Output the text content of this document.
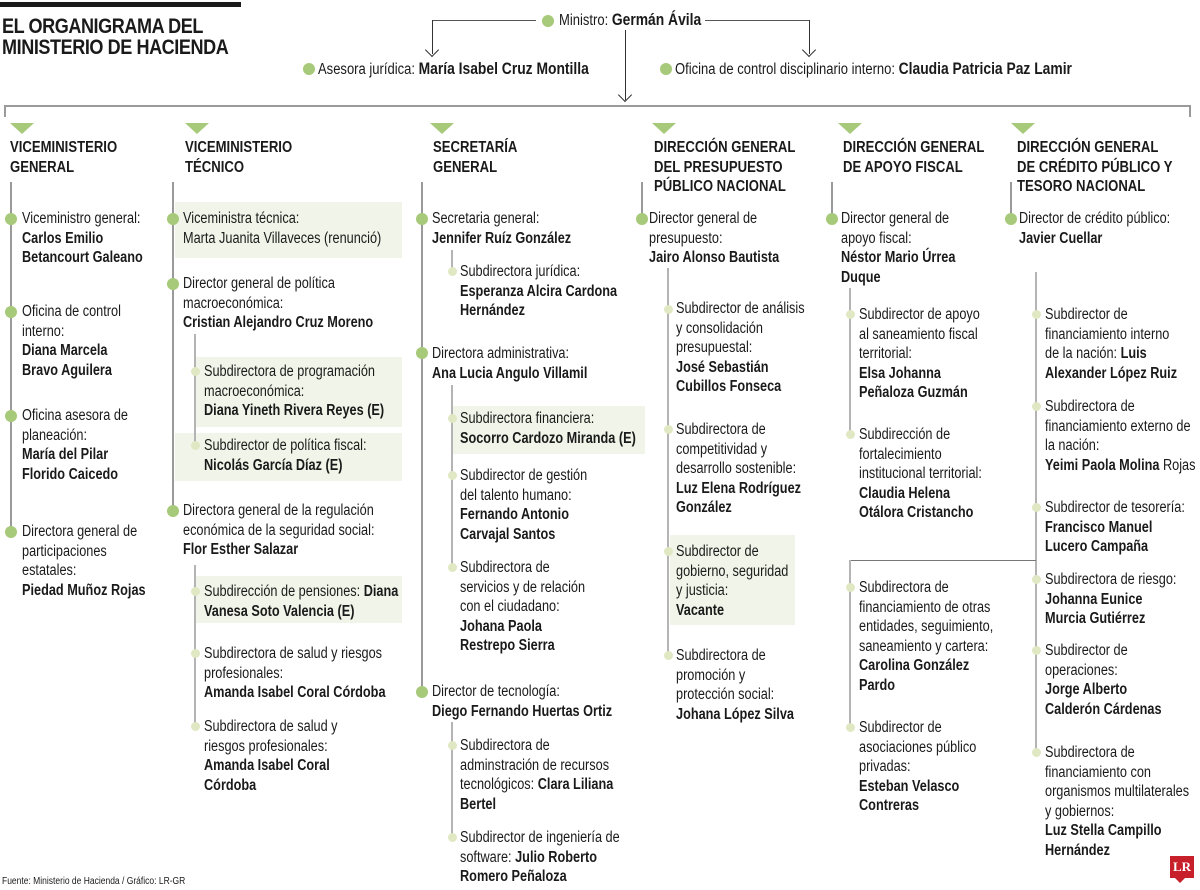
EL ORGANIGRAMA DEL
MINISTERIO DE HACIENDA
Ministro: Germán Ávila
Asesora jurídica: María Isabel Cruz Montilla	Oficina de control disciplinario interno: Claudia Patricia Paz Lamir
VICEMINISTERIO
GENERAL
VICEMINISTERIO
TÉCNICO
SECRETARÍA
GENERAL
DIRECCIÓN GENERAL
DEL PRESUPUESTO
PÚBLICO NACIONAL
DIRECCIÓN GENERAL
DE APOYO FISCAL
DIRECCIÓN GENERAL
DE CRÉDITO PÚBLICO Y
TESORO NACIONAL
Viceministro general:
Carlos Emilio
Betancourt Galeano
Oficina de control
interno:
Diana Marcela
Bravo Aguilera
Oficina asesora de
planeación:
María del Pilar
Florido Caicedo
Directora general de
participaciones
estatales:
Piedad Muñoz Rojas
Viceministra técnica:
Marta Juanita Villaveces (renunció)
Director general de política
macroeconómica:
Cristian Alejandro Cruz Moreno
Subdirectora de programación
macroeconómica:
Diana Yineth Rivera Reyes (E)
Subdirector de política fiscal:
Nicolás García Díaz (E)
Directora general de la regulación
económica de la seguridad social:
Flor Esther Salazar
Subdirección de pensiones: Diana
Vanesa Soto Valencia (E)
Subdirectora de salud y riesgos
profesionales:
Amanda Isabel Coral Córdoba
Subdirectora de salud y
riesgos profesionales:
Amanda Isabel Coral
Córdoba
Secretaria general:
Jennifer Ruíz González
Subdirectora jurídica:
Esperanza Alcira Cardona
Hernández
Directora administrativa:
Ana Lucia Angulo Villamil
Subdirectora financiera:
Socorro Cardozo Miranda (E)
Subdirector de gestión
del talento humano:
Fernando Antonio
Carvajal Santos
Subdirectora de
servicios y de relación
con el ciudadano:
Johana Paola
Restrepo Sierra
Director de tecnología:
Diego Fernando Huertas Ortiz
Subdirectora de
adminstración de recursos
tecnológicos: Clara Liliana
Bertel
Subdirector de ingeniería de
software: Julio Roberto
Romero Peñaloza
Director general de
presupuesto:
Jairo Alonso Bautista
Subdirector de análisis
y consolidación
presupuestal:
José Sebastián
Cubillos Fonseca
Subdirectora de
competitividad y
desarrollo sostenible:
Luz Elena Rodríguez
González
Subdirector de
gobierno, seguridad
y justicia:
Vacante
Subdirectora de
promoción y
protección social:
Johana López Silva
Director general de
apoyo fiscal:
Néstor Mario Úrrea
Duque
Subdirector de apoyo
al saneamiento fiscal
territorial:
Elsa Johanna
Peñaloza Guzmán
Subdirección de
fortalecimiento
institucional territorial:
Claudia Helena
Otálora Cristancho
Subdirectora de
financiamiento de otras
entidades, seguimiento,
saneamiento y cartera:
Carolina González
Pardo
Subdirector de
asociaciones público
privadas:
Esteban Velasco
Contreras
Director de crédito público:
Javier Cuellar
Subdirector de
financiamiento interno
de la nación: Luis
Alexander López Ruiz
Subdirectora de
financiamiento externo de
la nación:
Yeimi Paola Molina Rojas
Subdirector de tesorería:
Francisco Manuel
Lucero Campaña
Subdirectora de riesgo:
Johanna Eunice
Murcia Gutiérrez
Subdirector de
operaciones:
Jorge Alberto
Calderón Cárdenas
Subdirectora de
financiamiento con
organismos multilaterales
y gobiernos:
Luz Stella Campillo
Hernández
Fuente: Ministerio de Hacienda / Gráfico: LR-GR
LR
